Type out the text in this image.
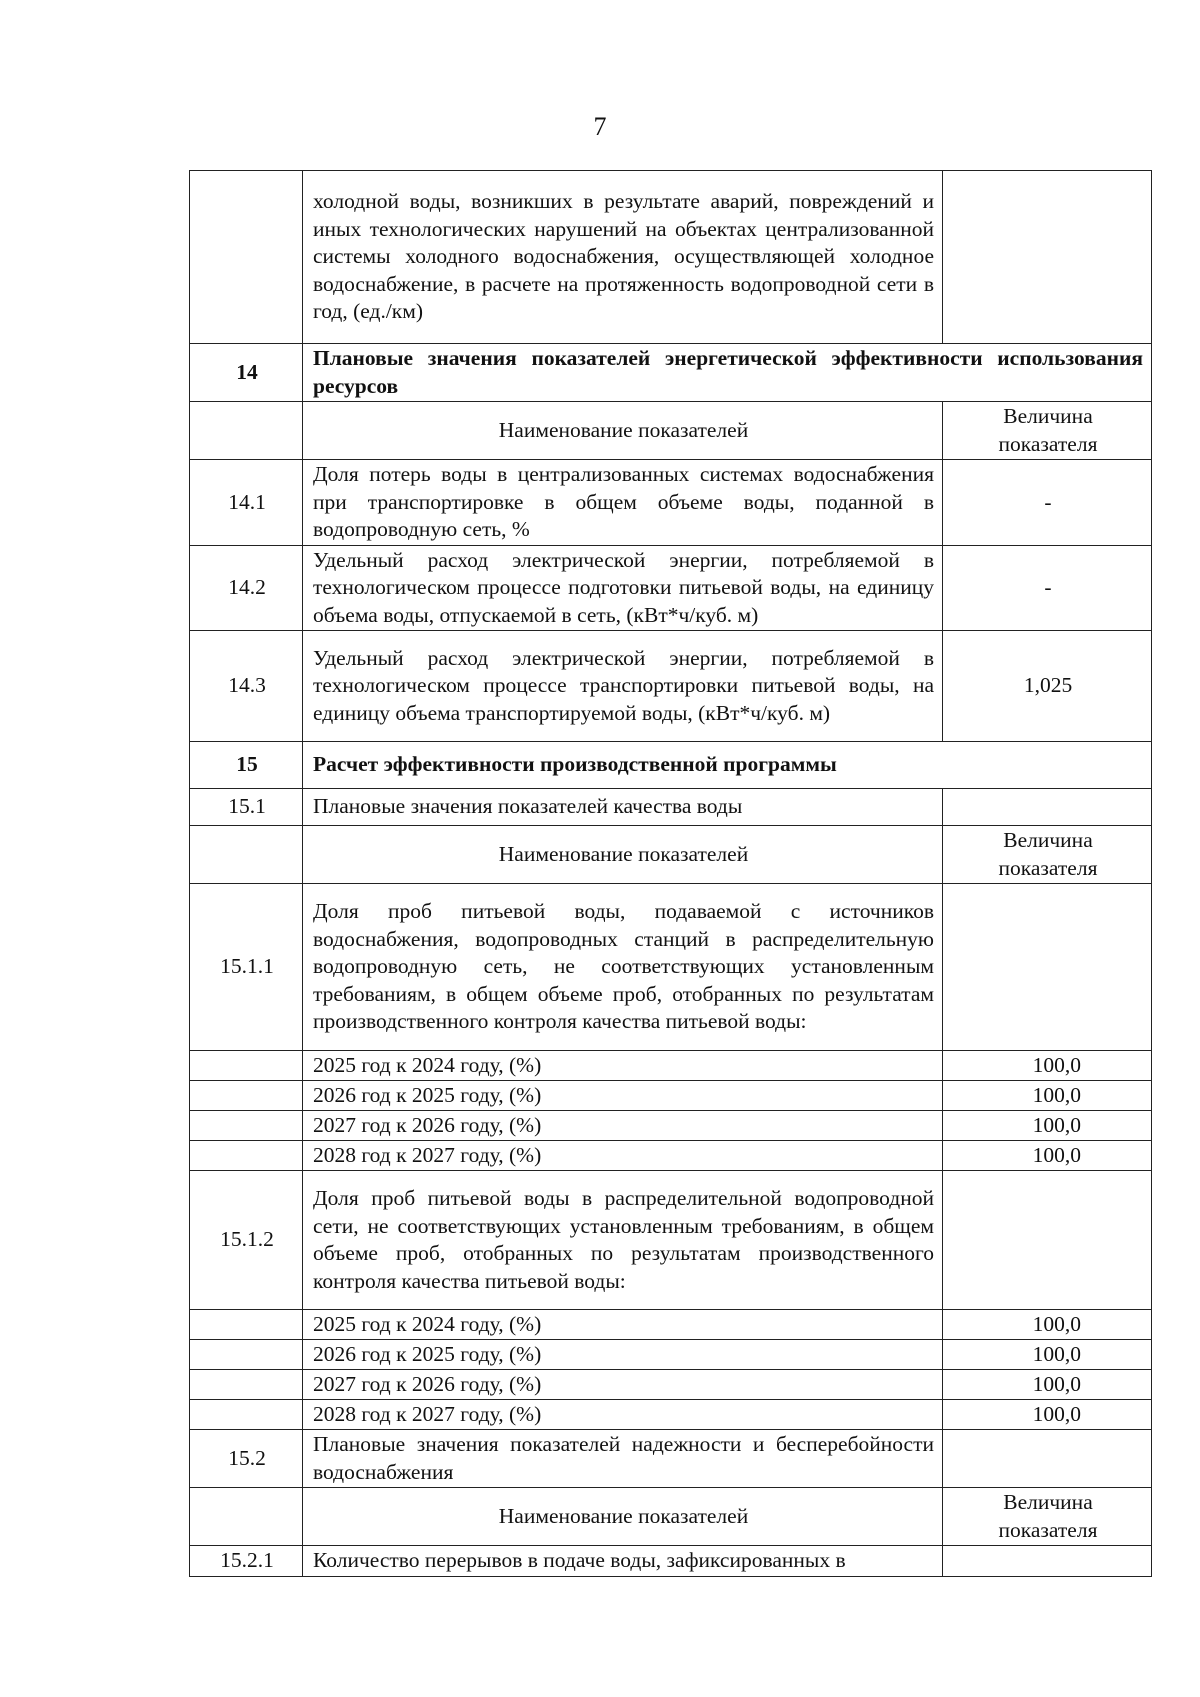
7
	холодной воды, возникших в результате аварий, повреждений и иных технологических нарушений на объектах централизованной системы холодного водоснабжения, осуществляющей холодное водоснабжение, в расчете на протяженность водопроводной сети в год, (ед./км)	
14	Плановые значения показателей энергетической эффективности использования ресурсов	
	Наименование показателей	Величина показателя
14.1	Доля потерь воды в централизованных системах водоснабжения при транспортировке в общем объеме воды, поданной в водопроводную сеть, %	-
14.2	Удельный расход электрической энергии, потребляемой в технологическом процессе подготовки питьевой воды, на единицу объема воды, отпускаемой в сеть, (кВт*ч/куб. м)	-
14.3	Удельный расход электрической энергии, потребляемой в технологическом процессе транспортировки питьевой воды, на единицу объема транспортируемой воды, (кВт*ч/куб. м)	1,025
15	Расчет эффективности производственной программы	
15.1	Плановые значения показателей качества воды	
	Наименование показателей	Величина показателя
15.1.1	Доля проб питьевой воды, подаваемой с источников водоснабжения, водопроводных станций в распределительную водопроводную сеть, не соответствующих установленным требованиям, в общем объеме проб, отобранных по результатам производственного контроля качества питьевой воды:	
	2025 год к 2024 году, (%)	100,0
	2026 год к 2025 году, (%)	100,0
	2027 год к 2026 году, (%)	100,0
	2028 год к 2027 году, (%)	100,0
15.1.2	Доля проб питьевой воды в распределительной водопроводной сети, не соответствующих установленным требованиям, в общем объеме проб, отобранных по результатам производственного контроля качества питьевой воды:	
	2025 год к 2024 году, (%)	100,0
	2026 год к 2025 году, (%)	100,0
	2027 год к 2026 году, (%)	100,0
	2028 год к 2027 году, (%)	100,0
15.2	Плановые значения показателей надежности и бесперебойности водоснабжения	
	Наименование показателей	Величина показателя
15.2.1	Количество перерывов в подаче воды, зафиксированных в	
